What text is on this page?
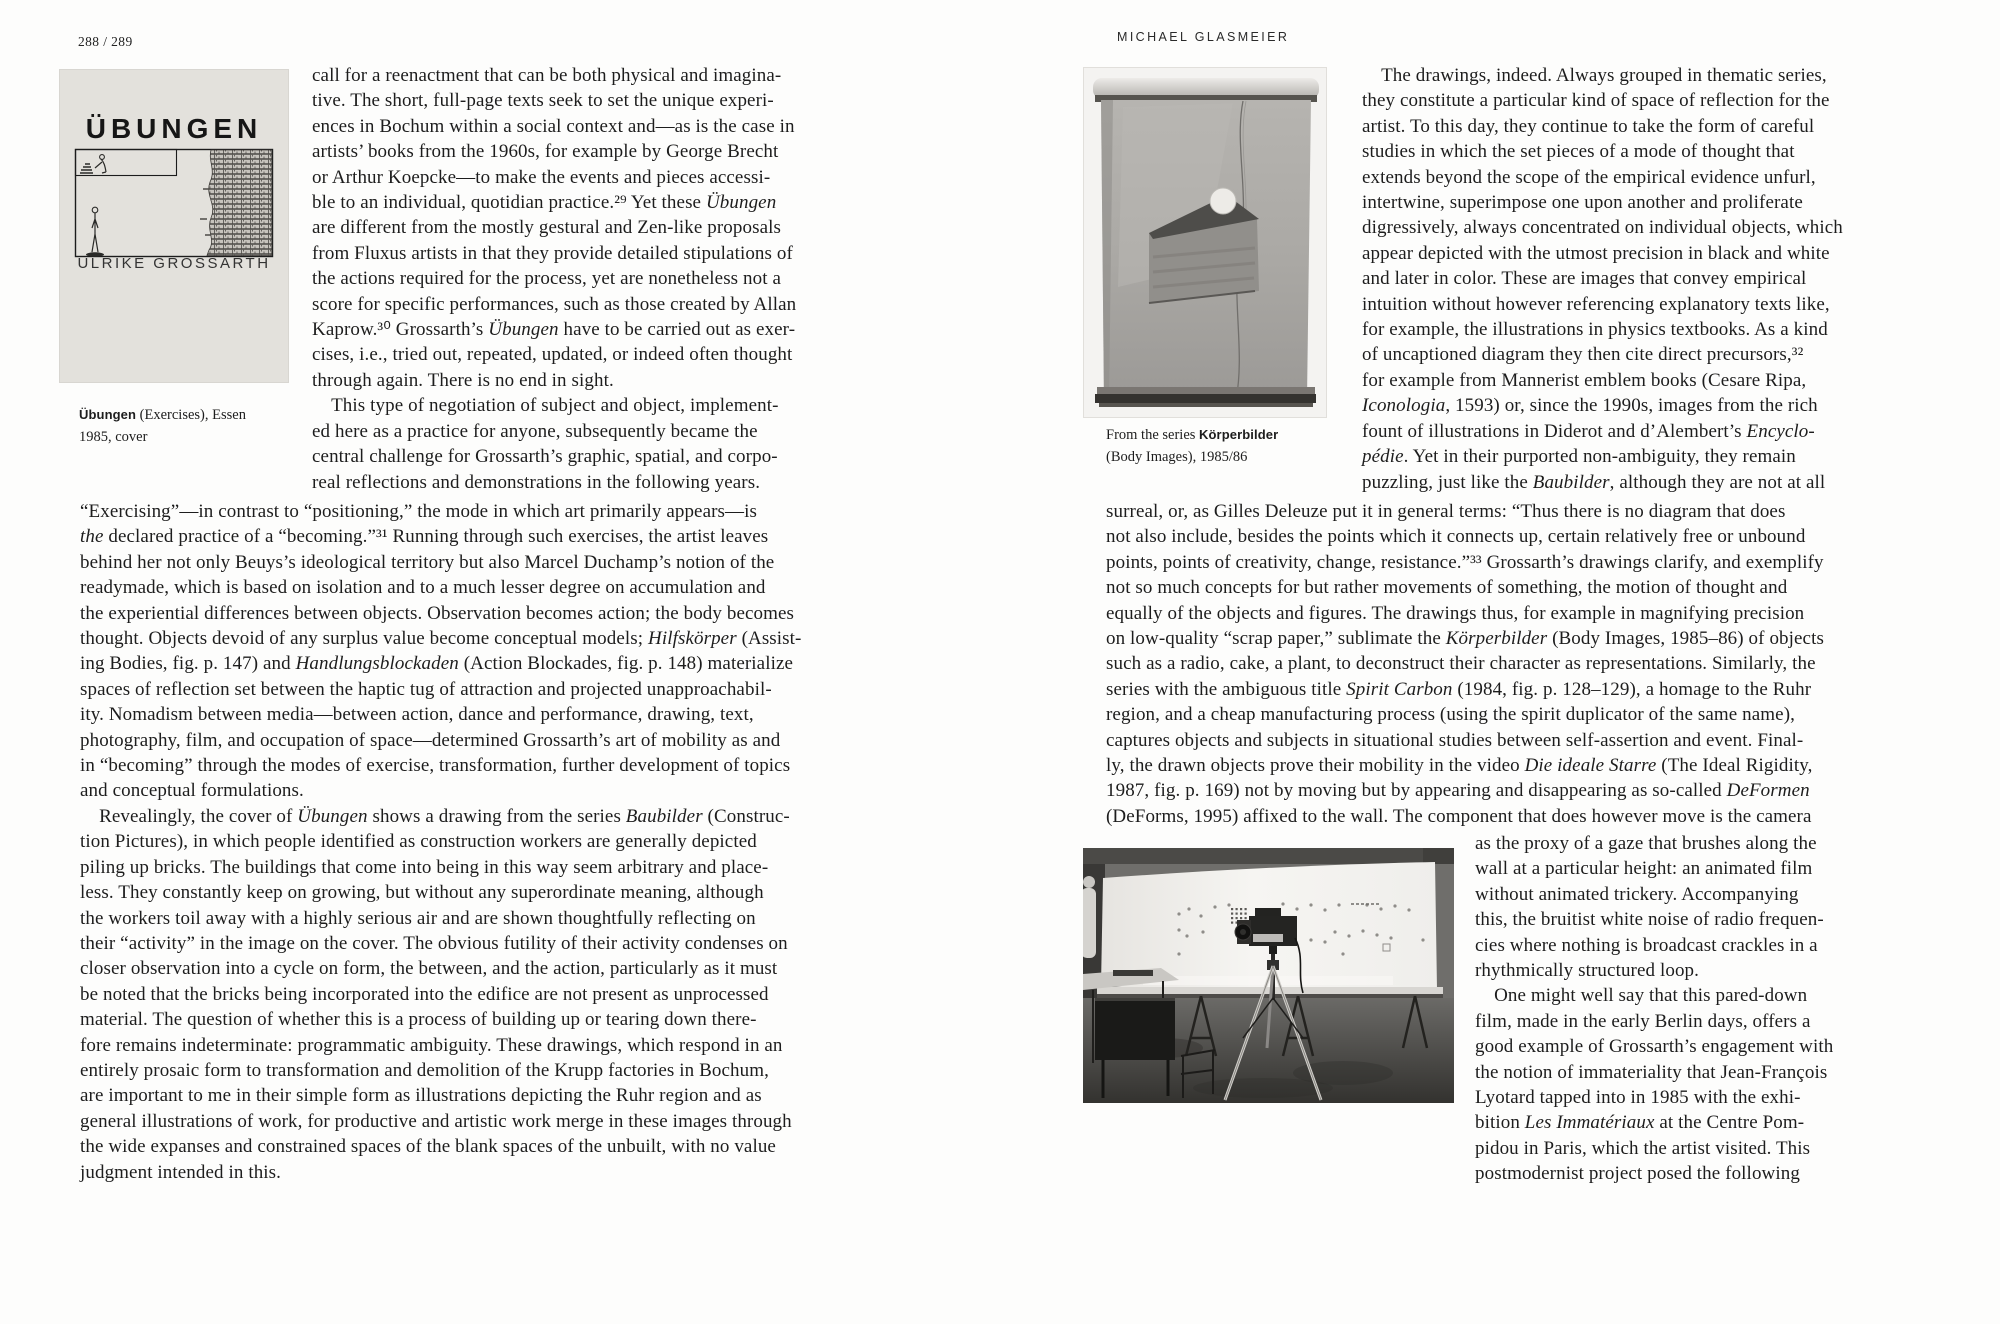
288 / 289	MICHAEL GLASMEIER
ÜBUNGEN
ULRIKE GROSSARTH
Übungen (Exercises), Essen
1985, cover
call for a reenactment that can be both physical and imagina-
tive. The short, full-page texts seek to set the unique experi-
ences in Bochum within a social context and—as is the case in
artists’ books from the 1960s, for example by George Brecht
or Arthur Koepcke—to make the events and pieces accessi-
ble to an individual, quotidian practice.²⁹ Yet these Übungen
are different from the mostly gestural and Zen-like proposals
from Fluxus artists in that they provide detailed stipulations of
the actions required for the process, yet are nonetheless not a
score for specific performances, such as those created by Allan
Kaprow.³⁰ Grossarth’s Übungen have to be carried out as exer-
cises, i.e., tried out, repeated, updated, or indeed often thought
through again. There is no end in sight.
 This type of negotiation of subject and object, implement-
ed here as a practice for anyone, subsequently became the
central challenge for Grossarth’s graphic, spatial, and corpo-
real reflections and demonstrations in the following years.
“Exercising”—in contrast to “positioning,” the mode in which art primarily appears—is
the declared practice of a “becoming.”³¹ Running through such exercises, the artist leaves
behind her not only Beuys’s ideological territory but also Marcel Duchamp’s notion of the
readymade, which is based on isolation and to a much lesser degree on accumulation and
the experiential differences between objects. Observation becomes action; the body becomes
thought. Objects devoid of any surplus value become conceptual models; Hilfskörper (Assist-
ing Bodies, fig. p. 147) and Handlungsblockaden (Action Blockades, fig. p. 148) materialize
spaces of reflection set between the haptic tug of attraction and projected unapproachabil-
ity. Nomadism between media—between action, dance and performance, drawing, text,
photography, film, and occupation of space—determined Grossarth’s art of mobility as and
in “becoming” through the modes of exercise, transformation, further development of topics
and conceptual formulations.
 Revealingly, the cover of Übungen shows a drawing from the series Baubilder (Construc-
tion Pictures), in which people identified as construction workers are generally depicted
piling up bricks. The buildings that come into being in this way seem arbitrary and place-
less. They constantly keep on growing, but without any superordinate meaning, although
the workers toil away with a highly serious air and are shown thoughtfully reflecting on
their “activity” in the image on the cover. The obvious futility of their activity condenses on
closer observation into a cycle on form, the between, and the action, particularly as it must
be noted that the bricks being incorporated into the edifice are not present as unprocessed
material. The question of whether this is a process of building up or tearing down there-
fore remains indeterminate: programmatic ambiguity. These drawings, which respond in an
entirely prosaic form to transformation and demolition of the Krupp factories in Bochum,
are important to me in their simple form as illustrations depicting the Ruhr region and as
general illustrations of work, for productive and artistic work merge in these images through
the wide expanses and constrained spaces of the blank spaces of the unbuilt, with no value
judgment intended in this.
From the series Körperbilder
(Body Images), 1985/86
 The drawings, indeed. Always grouped in thematic series,
they constitute a particular kind of space of reflection for the
artist. To this day, they continue to take the form of careful
studies in which the set pieces of a mode of thought that
extends beyond the scope of the empirical evidence unfurl,
intertwine, superimpose one upon another and proliferate
digressively, always concentrated on individual objects, which
appear depicted with the utmost precision in black and white
and later in color. These are images that convey empirical
intuition without however referencing explanatory texts like,
for example, the illustrations in physics textbooks. As a kind
of uncaptioned diagram they then cite direct precursors,³²
for example from Mannerist emblem books (Cesare Ripa,
Iconologia, 1593) or, since the 1990s, images from the rich
fount of illustrations in Diderot and d’Alembert’s Encyclo-
pédie. Yet in their purported non-ambiguity, they remain
puzzling, just like the Baubilder, although they are not at all
surreal, or, as Gilles Deleuze put it in general terms: “Thus there is no diagram that does
not also include, besides the points which it connects up, certain relatively free or unbound
points, points of creativity, change, resistance.”³³ Grossarth’s drawings clarify, and exemplify
not so much concepts for but rather movements of something, the motion of thought and
equally of the objects and figures. The drawings thus, for example in magnifying precision
on low-quality “scrap paper,” sublimate the Körperbilder (Body Images, 1985–86) of objects
such as a radio, cake, a plant, to deconstruct their character as representations. Similarly, the
series with the ambiguous title Spirit Carbon (1984, fig. p. 128–129), a homage to the Ruhr
region, and a cheap manufacturing process (using the spirit duplicator of the same name),
captures objects and subjects in situational studies between self-assertion and event. Final-
ly, the drawn objects prove their mobility in the video Die ideale Starre (The Ideal Rigidity,
1987, fig. p. 169) not by moving but by appearing and disappearing as so-called DeFormen
(DeForms, 1995) affixed to the wall. The component that does however move is the camera
as the proxy of a gaze that brushes along the
wall at a particular height: an animated film
without animated trickery. Accompanying
this, the bruitist white noise of radio frequen-
cies where nothing is broadcast crackles in a
rhythmically structured loop.
 One might well say that this pared-down
film, made in the early Berlin days, offers a
good example of Grossarth’s engagement with
the notion of immateriality that Jean-François
Lyotard tapped into in 1985 with the exhi-
bition Les Immatériaux at the Centre Pom-
pidou in Paris, which the artist visited. This
postmodernist project posed the following
